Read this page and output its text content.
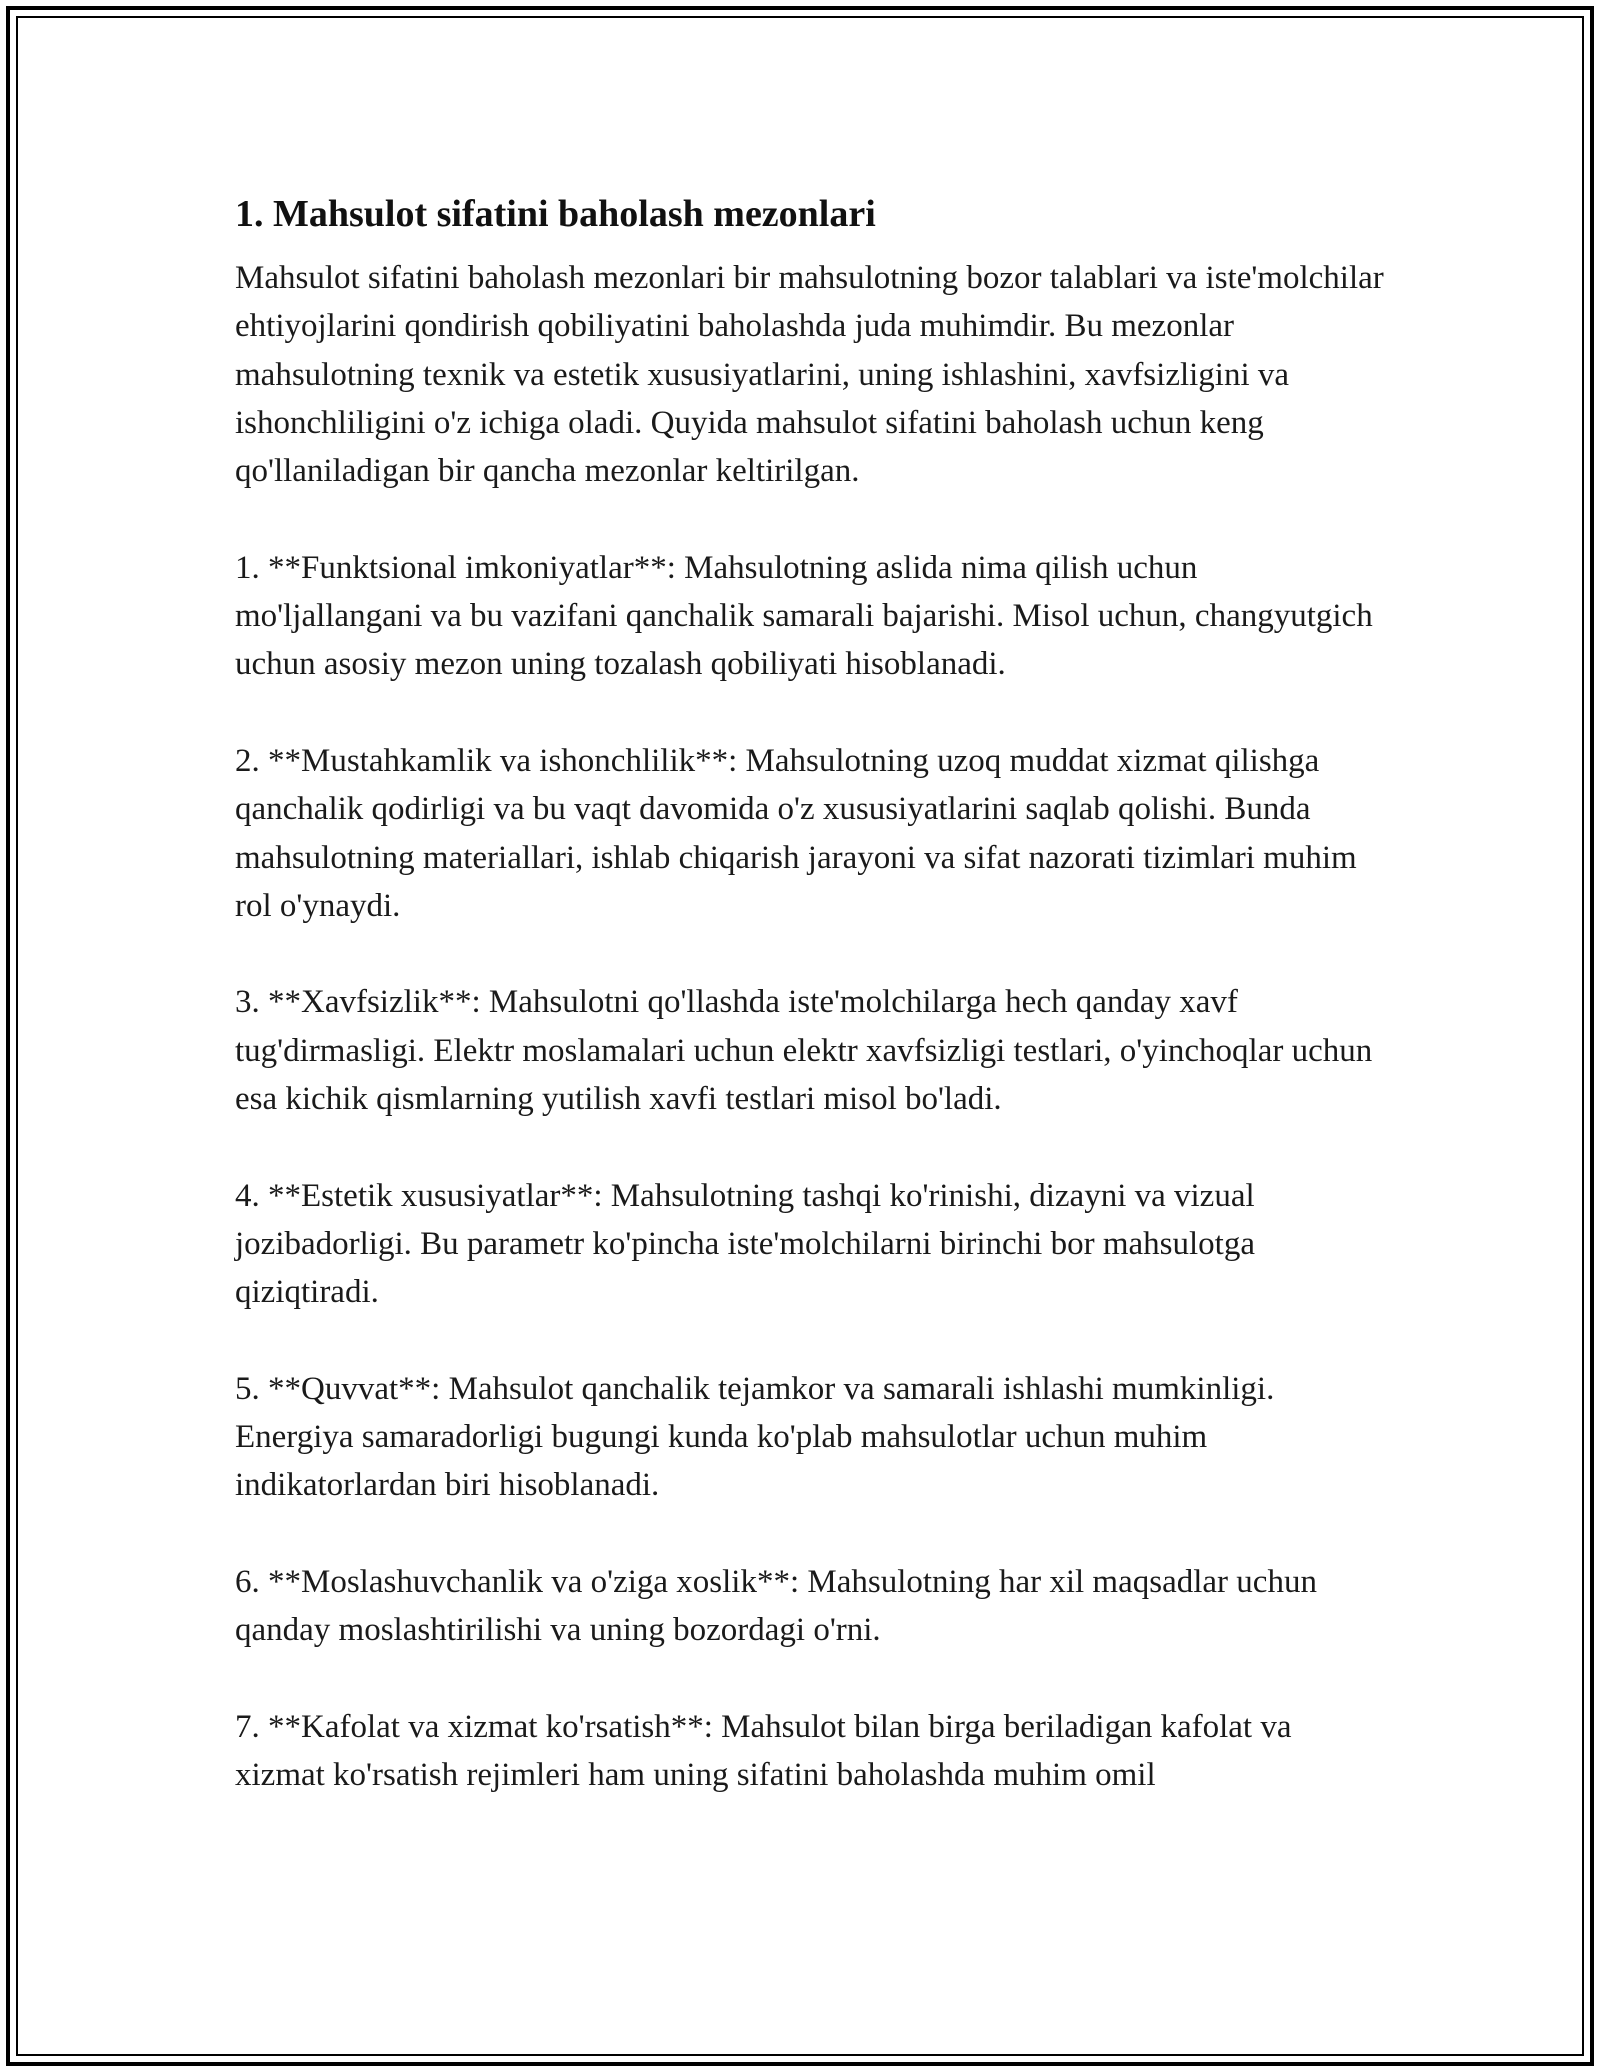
1. Mahsulot sifatini baholash mezonlari

Mahsulot sifatini baholash mezonlari bir mahsulotning bozor talablari va iste'molchilar ehtiyojlarini qondirish qobiliyatini baholashda juda muhimdir. Bu mezonlar mahsulotning texnik va estetik xususiyatlarini, uning ishlashini, xavfsizligini va ishonchliligini o'z ichiga oladi. Quyida mahsulot sifatini baholash uchun keng qo'llaniladigan bir qancha mezonlar keltirilgan.

1. **Funktsional imkoniyatlar**: Mahsulotning aslida nima qilish uchun mo'ljallangani va bu vazifani qanchalik samarali bajarishi. Misol uchun, changyutgich uchun asosiy mezon uning tozalash qobiliyati hisoblanadi.

2. **Mustahkamlik va ishonchlilik**: Mahsulotning uzoq muddat xizmat qilishga qanchalik qodirligi va bu vaqt davomida o'z xususiyatlarini saqlab qolishi. Bunda mahsulotning materiallari, ishlab chiqarish jarayoni va sifat nazorati tizimlari muhim rol o'ynaydi.

3. **Xavfsizlik**: Mahsulotni qo'llashda iste'molchilarga hech qanday xavf tug'dirmasligi. Elektr moslamalari uchun elektr xavfsizligi testlari, o'yinchoqlar uchun esa kichik qismlarning yutilish xavfi testlari misol bo'ladi.

4. **Estetik xususiyatlar**: Mahsulotning tashqi ko'rinishi, dizayni va vizual jozibadorligi. Bu parametr ko'pincha iste'molchilarni birinchi bor mahsulotga qiziqtiradi.

5. **Quvvat**: Mahsulot qanchalik tejamkor va samarali ishlashi mumkinligi. Energiya samaradorligi bugungi kunda ko'plab mahsulotlar uchun muhim indikatorlardan biri hisoblanadi.

6. **Moslashuvchanlik va o'ziga xoslik**: Mahsulotning har xil maqsadlar uchun qanday moslashtirilishi va uning bozordagi o'rni.

7. **Kafolat va xizmat ko'rsatish**: Mahsulot bilan birga beriladigan kafolat va xizmat ko'rsatish rejimleri ham uning sifatini baholashda muhim omil
